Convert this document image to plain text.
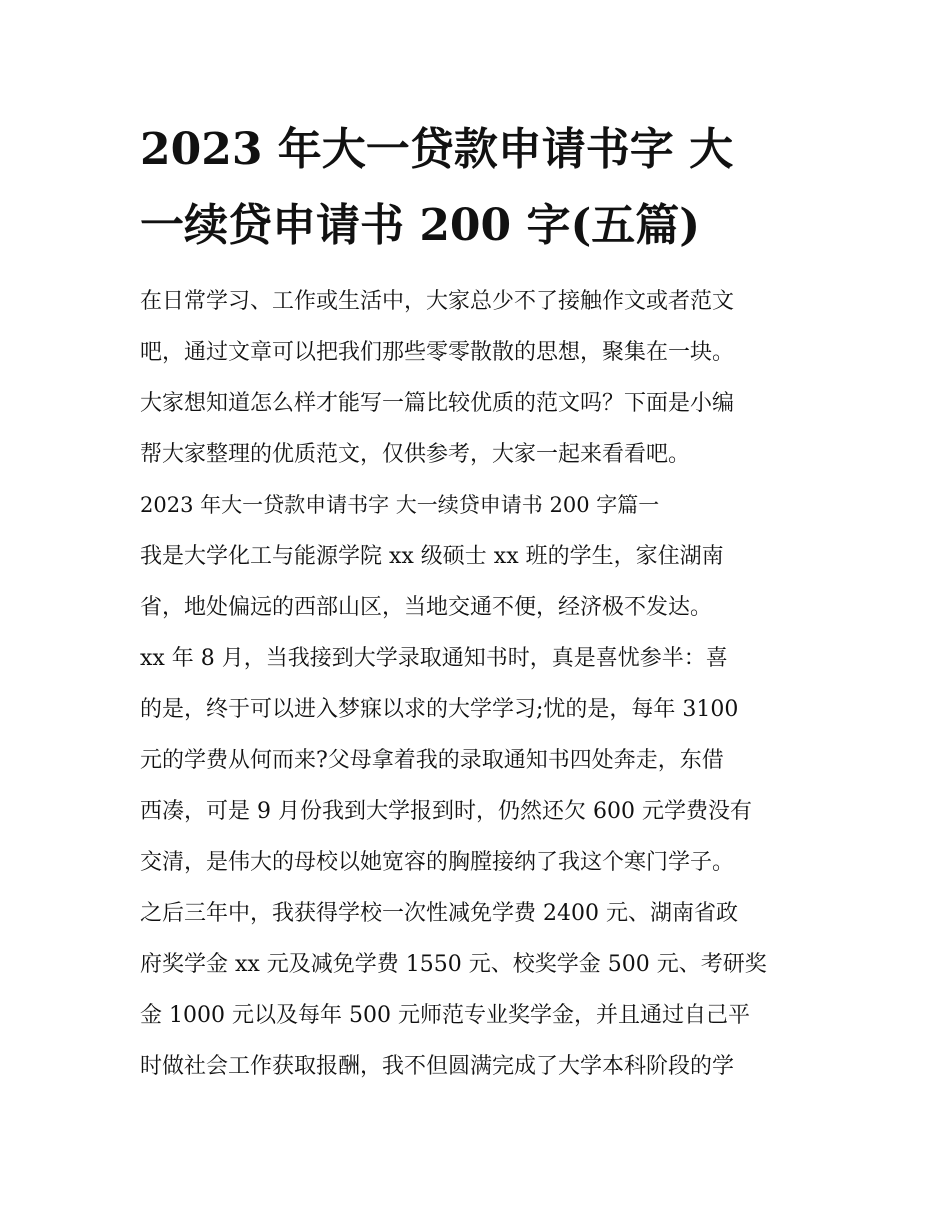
2023 年大一贷款申请书字 大
一续贷申请书 200 字(五篇)
在日常学习、工作或生活中，大家总少不了接触作文或者范文
吧，通过文章可以把我们那些零零散散的思想，聚集在一块。
大家想知道怎么样才能写一篇比较优质的范文吗？下面是小编
帮大家整理的优质范文，仅供参考，大家一起来看看吧。
2023 年大一贷款申请书字 大一续贷申请书 200 字篇一
我是大学化工与能源学院 xx 级硕士 xx 班的学生，家住湖南
省，地处偏远的西部山区，当地交通不便，经济极不发达。
xx 年 8 月，当我接到大学录取通知书时，真是喜忧参半：喜
的是，终于可以进入梦寐以求的大学学习;忧的是，每年 3100
元的学费从何而来?父母拿着我的录取通知书四处奔走，东借
西凑，可是 9 月份我到大学报到时，仍然还欠 600 元学费没有
交清，是伟大的母校以她宽容的胸膛接纳了我这个寒门学子。
之后三年中，我获得学校一次性减免学费 2400 元、湖南省政
府奖学金 xx 元及减免学费 1550 元、校奖学金 500 元、考研奖
金 1000 元以及每年 500 元师范专业奖学金，并且通过自己平
时做社会工作获取报酬，我不但圆满完成了大学本科阶段的学
